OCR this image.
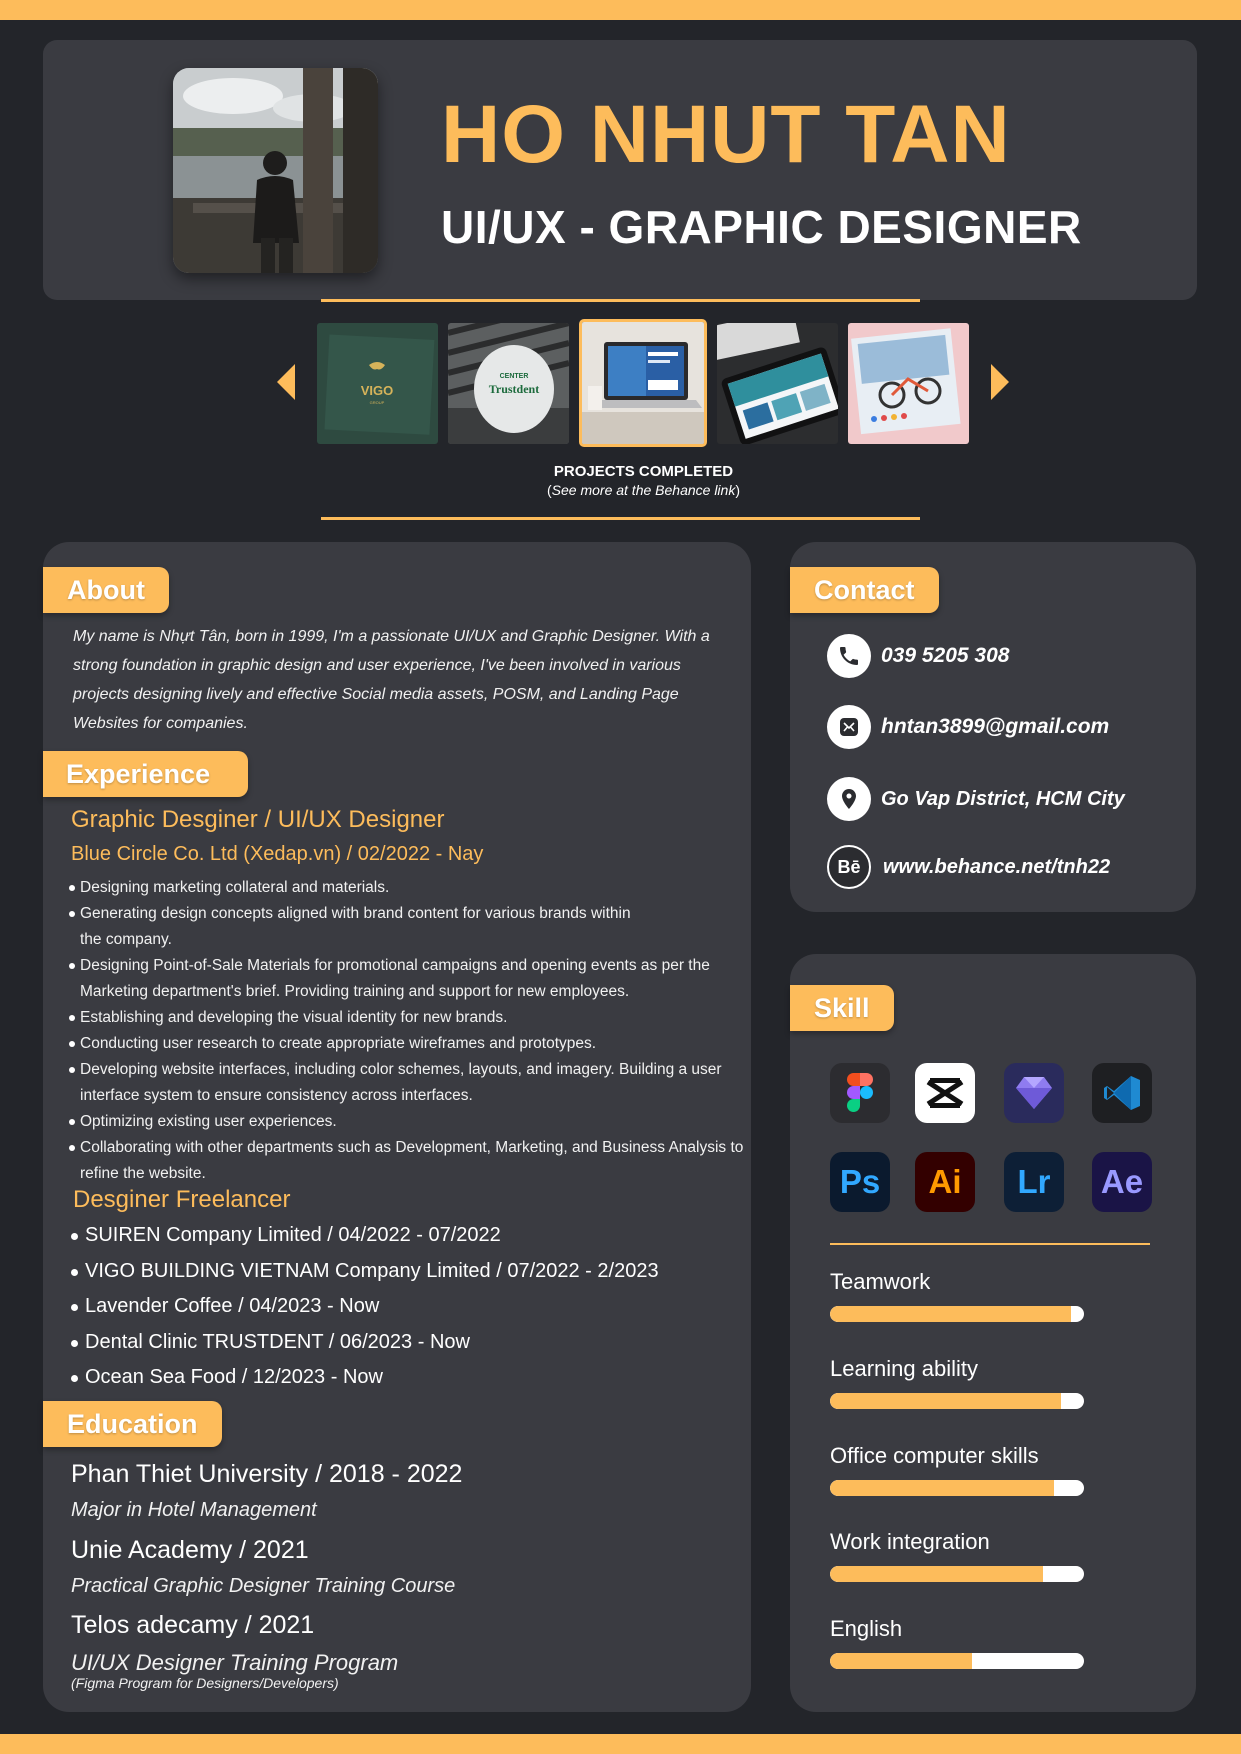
HO NHUT TAN
UI/UX - GRAPHIC DESIGNER
VIGO
GROUP
CENTER
Trustdent
PROJECTS COMPLETED
(See more at the Behance link)
About
My name is Nhựt Tân, born in 1999, I'm a passionate UI/UX and Graphic Designer. With a strong foundation in graphic design and user experience, I've been involved in various projects designing lively and effective Social media assets, POSM, and Landing Page Websites for companies.
Experience
Graphic Desginer / UI/UX Designer
Blue Circle Co. Ltd (Xedap.vn) / 02/2022 - Nay
Designing marketing collateral and materials.
Generating design concepts aligned with brand content for various brands within the company.
Designing Point-of-Sale Materials for promotional campaigns and opening events as per the Marketing department's brief. Providing training and support for new employees.
Establishing and developing the visual identity for new brands.
Conducting user research to create appropriate wireframes and prototypes.
Developing website interfaces, including color schemes, layouts, and imagery. Building a user interface system to ensure consistency across interfaces.
Optimizing existing user experiences.
Collaborating with other departments such as Development, Marketing, and Business Analysis to refine the website.
Desginer Freelancer
SUIREN Company Limited / 04/2022 - 07/2022
VIGO BUILDING VIETNAM Company Limited / 07/2022 - 2/2023
Lavender Coffee / 04/2023 - Now
Dental Clinic TRUSTDENT / 06/2023 - Now
Ocean Sea Food / 12/2023 - Now
Education
Phan Thiet University / 2018 - 2022
Major in Hotel Management
Unie Academy / 2021
Practical Graphic Designer Training Course
Telos adecamy / 2021
UI/UX Designer Training Program
(Figma Program for Designers/Developers)
Contact
039 5205 308
hntan3899@gmail.com
Go Vap District, HCM City
Bē www.behance.net/tnh22
Skill
Ps Ai Lr Ae
Teamwork
Learning ability
Office computer skills
Work integration
English
